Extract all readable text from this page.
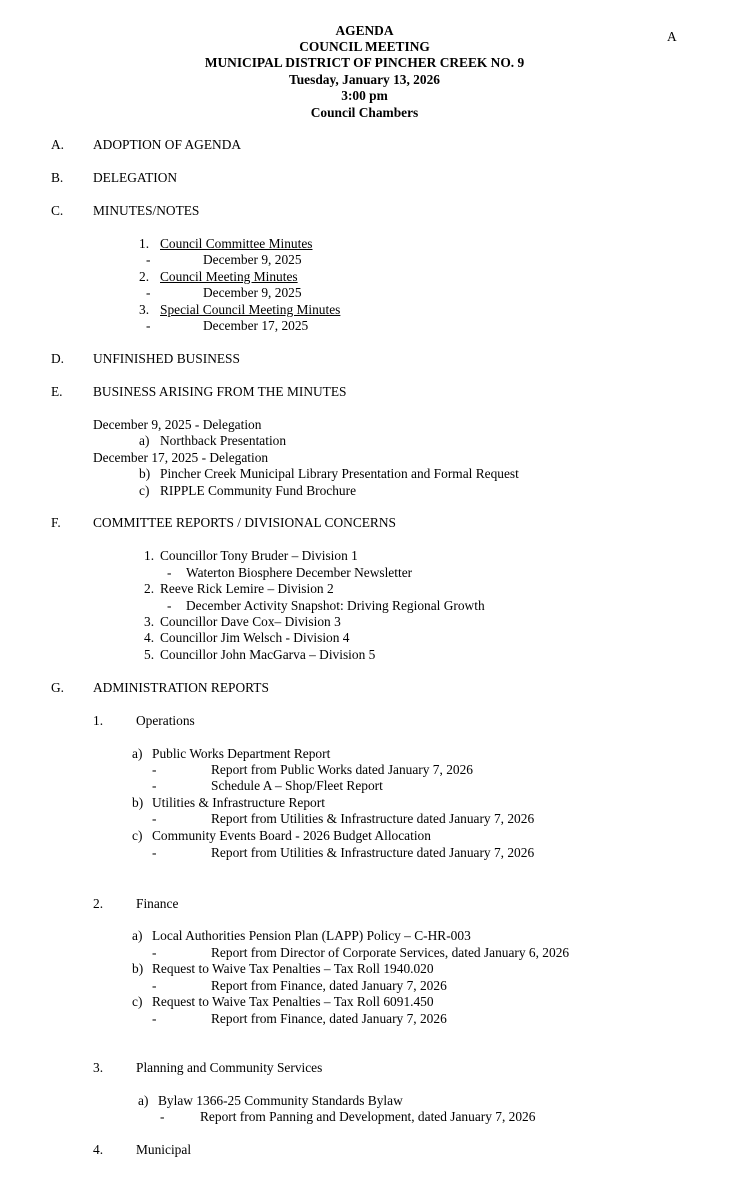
A
AGENDA
COUNCIL MEETING
MUNICIPAL DISTRICT OF PINCHER CREEK NO. 9
Tuesday, January 13, 2026
3:00 pm
Council Chambers
A. ADOPTION OF AGENDA
B. DELEGATION
C. MINUTES/NOTES
1. Council Committee Minutes
-	December 9, 2025
2. Council Meeting Minutes
-	December 9, 2025
3. Special Council Meeting Minutes
-	December 17, 2025
D. UNFINISHED BUSINESS
E. BUSINESS ARISING FROM THE MINUTES
December 9, 2025 - Delegation
a) Northback Presentation
December 17, 2025 - Delegation
b) Pincher Creek Municipal Library Presentation and Formal Request
c) RIPPLE Community Fund Brochure
F. COMMITTEE REPORTS / DIVISIONAL CONCERNS
1. Councillor Tony Bruder – Division 1
- Waterton Biosphere December Newsletter
2. Reeve Rick Lemire – Division 2
- December Activity Snapshot: Driving Regional Growth
3. Councillor Dave Cox– Division 3
4. Councillor Jim Welsch - Division 4
5. Councillor John MacGarva – Division 5
G. ADMINISTRATION REPORTS
1. Operations
a) Public Works Department Report
-	Report from Public Works dated January 7, 2026
-	Schedule A – Shop/Fleet Report
b) Utilities & Infrastructure Report
-	Report from Utilities & Infrastructure dated January 7, 2026
c) Community Events Board - 2026 Budget Allocation
-	Report from Utilities & Infrastructure dated January 7, 2026
2. Finance
a) Local Authorities Pension Plan (LAPP) Policy – C-HR-003
-	Report from Director of Corporate Services, dated January 6, 2026
b) Request to Waive Tax Penalties – Tax Roll 1940.020
-	Report from Finance, dated January 7, 2026
c) Request to Waive Tax Penalties – Tax Roll 6091.450
-	Report from Finance, dated January 7, 2026
3. Planning and Community Services
a) Bylaw 1366-25 Community Standards Bylaw
-	Report from Panning and Development, dated January 7, 2026
4. Municipal
